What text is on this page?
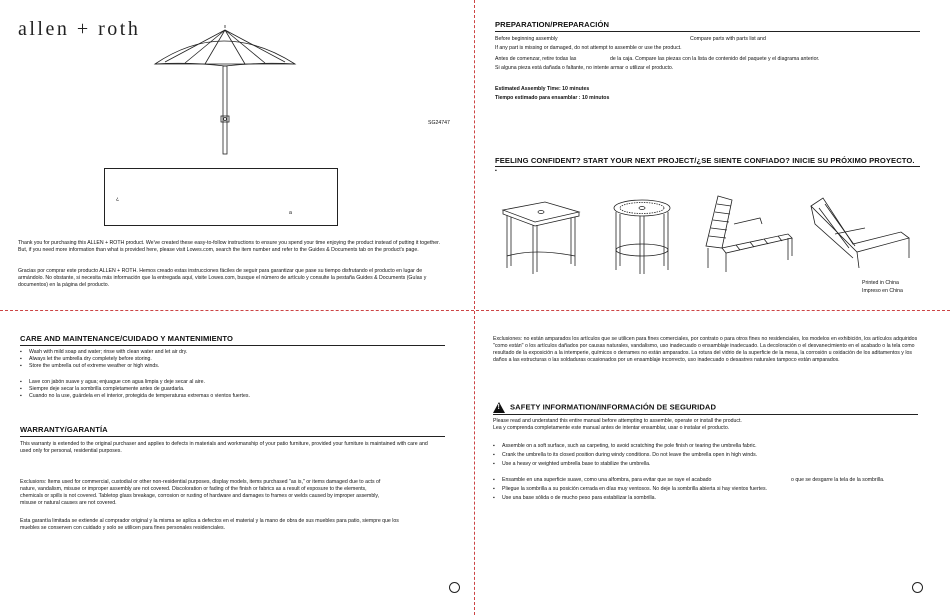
allen + roth
SG24747
¿
a
Thank you for purchasing this ALLEN + ROTH product. We've created these easy-to-follow instructions to ensure you spend your time enjoying the product instead of putting it together. But, if you need more information than what is provided here, please visit Lowes.com, search the item number and refer to the Guides & Documents tab on the product's page.
Gracias por comprar este producto ALLEN + ROTH. Hemos creado estas instrucciones fáciles de seguir para garantizar que pase su tiempo disfrutando el producto en lugar de armándolo. No obstante, si necesita más información que la entregada aquí, visite Lowes.com, busque el número de artículo y consulte la pestaña Guides & Documents (Guías y documentos) en la página del producto.
PREPARATION/PREPARACIÓN
Before beginning assembly	Compare parts with parts list and
If any part is missing or damaged, do not attempt to assemble or use the product.
Antes de comenzar, retire todas las	de la caja. Compare las piezas con la lista de contenido del paquete y el diagrama anterior.
Si alguna pieza está dañada o faltante, no intente armar o utilizar el producto.
Estimated Assembly Time: 10 minutes
Tiempo estimado para ensamblar : 10 minutos
FEELING CONFIDENT? START YOUR NEXT PROJECT/¿SE SIENTE CONFIADO? INICIE SU PRÓXIMO PROYECTO.
▪
Printed in China
Impreso en China
CARE AND MAINTENANCE/CUIDADO Y MANTENIMIENTO
▪ Wash with mild soap and water; rinse with clean water and let air dry.
▪ Always let the umbrella dry completely before storing.
▪ Store the umbrella out of extreme weather or high winds.
▪ Lave con jabón suave y agua; enjuague con agua limpia y deje secar al aire.
▪ Siempre deje secar la sombrilla completamente antes de guardarla.
▪ Cuando no la use, guárdela en el interior, protegida de temperaturas extremas o vientos fuertes.
WARRANTY/GARANTÍA
This warranty is extended to the original purchaser and applies to defects in materials and workmanship of your patio furniture, provided your furniture is maintained with care and used only for personal, residential purposes.
Exclusions: Items used for commercial, custodial or other non-residential purposes, display models, items purchased "as is," or items damaged due to acts of nature, vandalism, misuse or improper assembly are not covered. Discoloration or fading of the finish or fabrics as a result of exposure to the elements, chemicals or spills is not covered. Tabletop glass breakage, corrosion or rusting of hardware and damages to frames or welds caused by improper assembly, misuse or natural causes are not covered.
Esta garantía limitada se extiende al comprador original y la misma se aplica a defectos en el material y la mano de obra de sus muebles para patio, siempre que los muebles se conserven con cuidado y solo se utilicen para fines personales residenciales.
Exclusiones: no están amparados los artículos que se utilicen para fines comerciales, por contrato o para otros fines no residenciales, los modelos en exhibición, los artículos adquiridos "como están" o los artículos dañados por causas naturales, vandalismo, uso inadecuado o ensamblaje inadecuado. La decoloración o el desvanecimiento en el acabado o la tela como resultado de la exposición a la intemperie, químicos o derrames no están amparados. La rotura del vidrio de la superficie de la mesa, la corrosión u oxidación de los aditamentos y los daños a las estructuras o las soldaduras ocasionados por un ensamblaje incorrecto, uso inadecuado o desastres naturales tampoco están amparados.
!SAFETY INFORMATION/INFORMACIÓN DE SEGURIDAD
Please read and understand this entire manual before attempting to assemble, operate or install the product.
Lea y comprenda completamente este manual antes de intentar ensamblar, usar o instalar el producto.
▪ Assemble on a soft surface, such as carpeting, to avoid scratching the pole finish or tearing the umbrella fabric.
▪ Crank the umbrella to its closed position during windy conditions. Do not leave the umbrella open in high winds.
▪ Use a heavy or weighted umbrella base to stabilize the umbrella.
▪ Ensamble en una superficie suave, como una alfombra, para evitar que se raye el acabado	o que se desgarre la tela de la sombrilla.
▪ Pliegue la sombrilla a su posición cerrada en días muy ventosos. No deje la sombrilla abierta si hay vientos fuertes.
▪ Use una base sólida o de mucho peso para estabilizar la sombrilla.
